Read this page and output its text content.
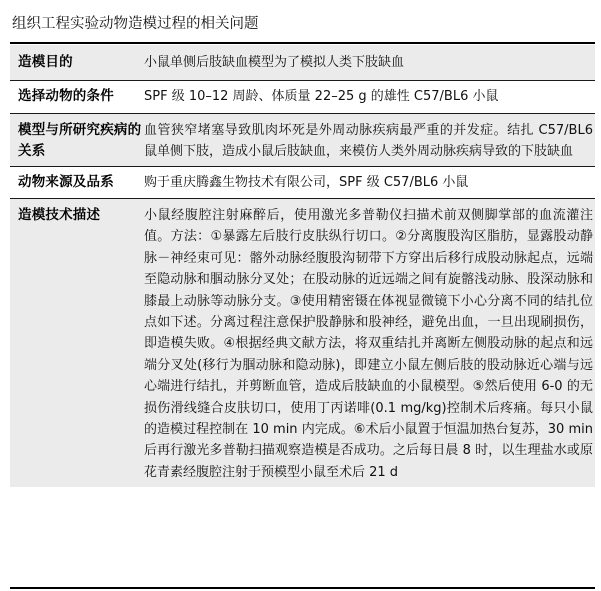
组织工程实验动物造模过程的相关问题
造模目的	小鼠单侧后肢缺血模型为了模拟人类下肢缺血
选择动物的条件	SPF 级 10–12 周龄、体质量 22–25 g 的雄性 C57/BL6 小鼠
模型与所研究疾病的关系	血管狭窄堵塞导致肌肉坏死是外周动脉疾病最严重的并发症。结扎 C57/BL6 鼠单侧下肢，造成小鼠后肢缺血，来模仿人类外周动脉疾病导致的下肢缺血
动物来源及品系	购于重庆腾鑫生物技术有限公司，SPF 级 C57/BL6 小鼠
造模技术描述	小鼠经腹腔注射麻醉后，使用激光多普勒仪扫描术前双侧脚掌部的血流灌注值。方法：①暴露左后肢行皮肤纵行切口。②分离腹股沟区脂肪，显露股动静脉－神经束可见：髂外动脉经腹股沟韧带下方穿出后移行成股动脉起点，远端至隐动脉和腘动脉分叉处；在股动脉的近远端之间有旋髂浅动脉、股深动脉和膝最上动脉等动脉分支。③使用精密镊在体视显微镜下小心分离不同的结扎位点如下述。分离过程注意保护股静脉和股神经，避免出血，一旦出现刷损伤，即造模失败。④根据经典文献方法，将双重结扎并离断左侧股动脉的起点和远端分叉处(移行为腘动脉和隐动脉)，即建立小鼠左侧后肢的股动脉近心端与远心端进行结扎，并剪断血管，造成后肢缺血的小鼠模型。⑤然后使用 6-0 的无损伤滑线缝合皮肤切口，使用丁丙诺啡(0.1 mg/kg)控制术后疼痛。每只小鼠的造模过程控制在 10 min 内完成。⑥术后小鼠置于恒温加热台复苏，30 min 后再行激光多普勒扫描观察造模是否成功。之后每日晨 8 时，以生理盐水或原花青素经腹腔注射于预模型小鼠至术后 21 d
